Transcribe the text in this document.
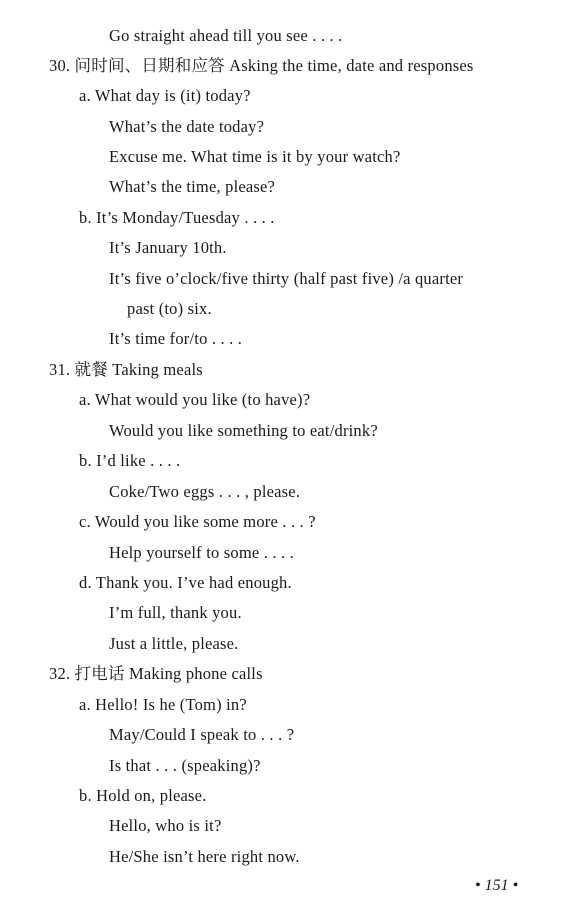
Go straight ahead till you see . . . .
30. 问时间、日期和应答 Asking the time, date and responses
a. What day is (it) today?
What’s the date today?
Excuse me. What time is it by your watch?
What’s the time, please?
b. It’s Monday/Tuesday . . . .
It’s January 10th.
It’s five o’clock/five thirty (half past five) /a quarter
past (to) six.
It’s time for/to . . . .
31. 就餐 Taking meals
a. What would you like (to have)?
Would you like something to eat/drink?
b. I’d like . . . .
Coke/Two eggs . . . , please.
c. Would you like some more . . . ?
Help yourself to some . . . .
d. Thank you. I’ve had enough.
I’m full, thank you.
Just a little, please.
32. 打电话 Making phone calls
a. Hello! Is he (Tom) in?
May/Could I speak to . . . ?
Is that . . . (speaking)?
b. Hold on, please.
Hello, who is it?
He/She isn’t here right now.
• 151 •
